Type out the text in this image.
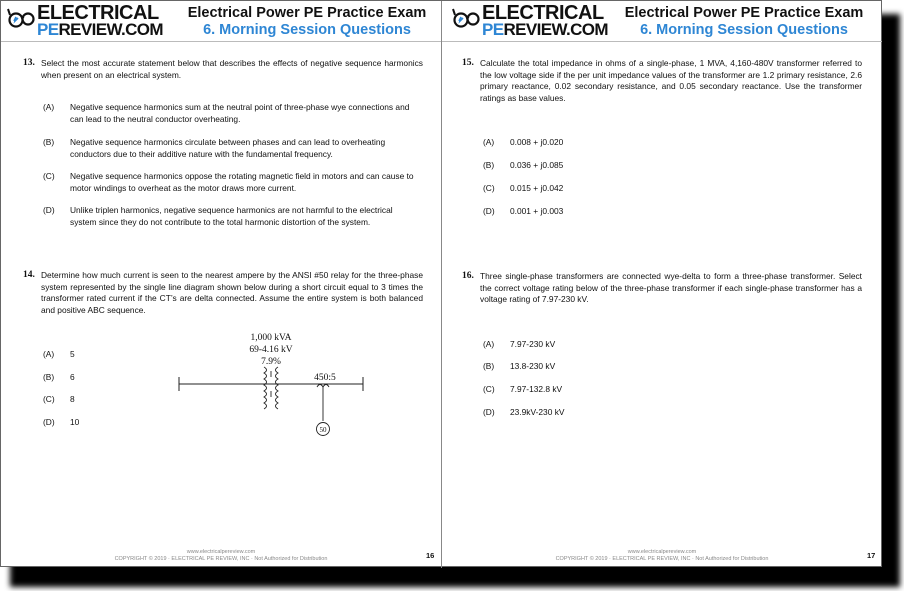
ELECTRICAL
PEREVIEW.COM
Electrical Power PE Practice Exam
6. Morning Session Questions
13. Select the most accurate statement below that describes the effects of negative sequence harmonics when present on an electrical system.
(A) Negative sequence harmonics sum at the neutral point of three-phase wye connections and can lead to the neutral conductor overheating.
(B) Negative sequence harmonics circulate between phases and can lead to overheating conductors due to their additive nature with the fundamental frequency.
(C) Negative sequence harmonics oppose the rotating magnetic field in motors and can cause to motor windings to overheat as the motor draws more current.
(D) Unlike triplen harmonics, negative sequence harmonics are not harmful to the electrical system since they do not contribute to the total harmonic distortion of the system.
14. Determine how much current is seen to the nearest ampere by the ANSI #50 relay for the three-phase system represented by the single line diagram shown below during a short circuit equal to 3 times the transformer rated current if the CT’s are delta connected. Assume the entire system is both balanced and positive ABC sequence.
(A) 5
(B) 6
(C) 8
(D) 10
1,000 kVA
69-4.16 kV
7.9%
450:5
50
www.electricalpereview.com
COPYRIGHT © 2019 · ELECTRICAL PE REVIEW, INC · Not Authorized for Distribution	16
ELECTRICAL
PEREVIEW.COM
Electrical Power PE Practice Exam
6. Morning Session Questions
15. Calculate the total impedance in ohms of a single-phase, 1 MVA, 4,160-480V transformer referred to the low voltage side if the per unit impedance values of the transformer are 1.2 primary resistance, 2.6 primary reactance, 0.02 secondary resistance, and 0.05 secondary reactance. Use the transformer ratings as base values.
(A) 0.008 + j0.020
(B) 0.036 + j0.085
(C) 0.015 + j0.042
(D) 0.001 + j0.003
16. Three single-phase transformers are connected wye-delta to form a three-phase transformer. Select the correct voltage rating below of the three-phase transformer if each single-phase transformer has a voltage rating of 7.97-230 kV.
(A) 7.97-230 kV
(B) 13.8-230 kV
(C) 7.97-132.8 kV
(D) 23.9kV-230 kV
www.electricalpereview.com
COPYRIGHT © 2019 · ELECTRICAL PE REVIEW, INC · Not Authorized for Distribution	17
